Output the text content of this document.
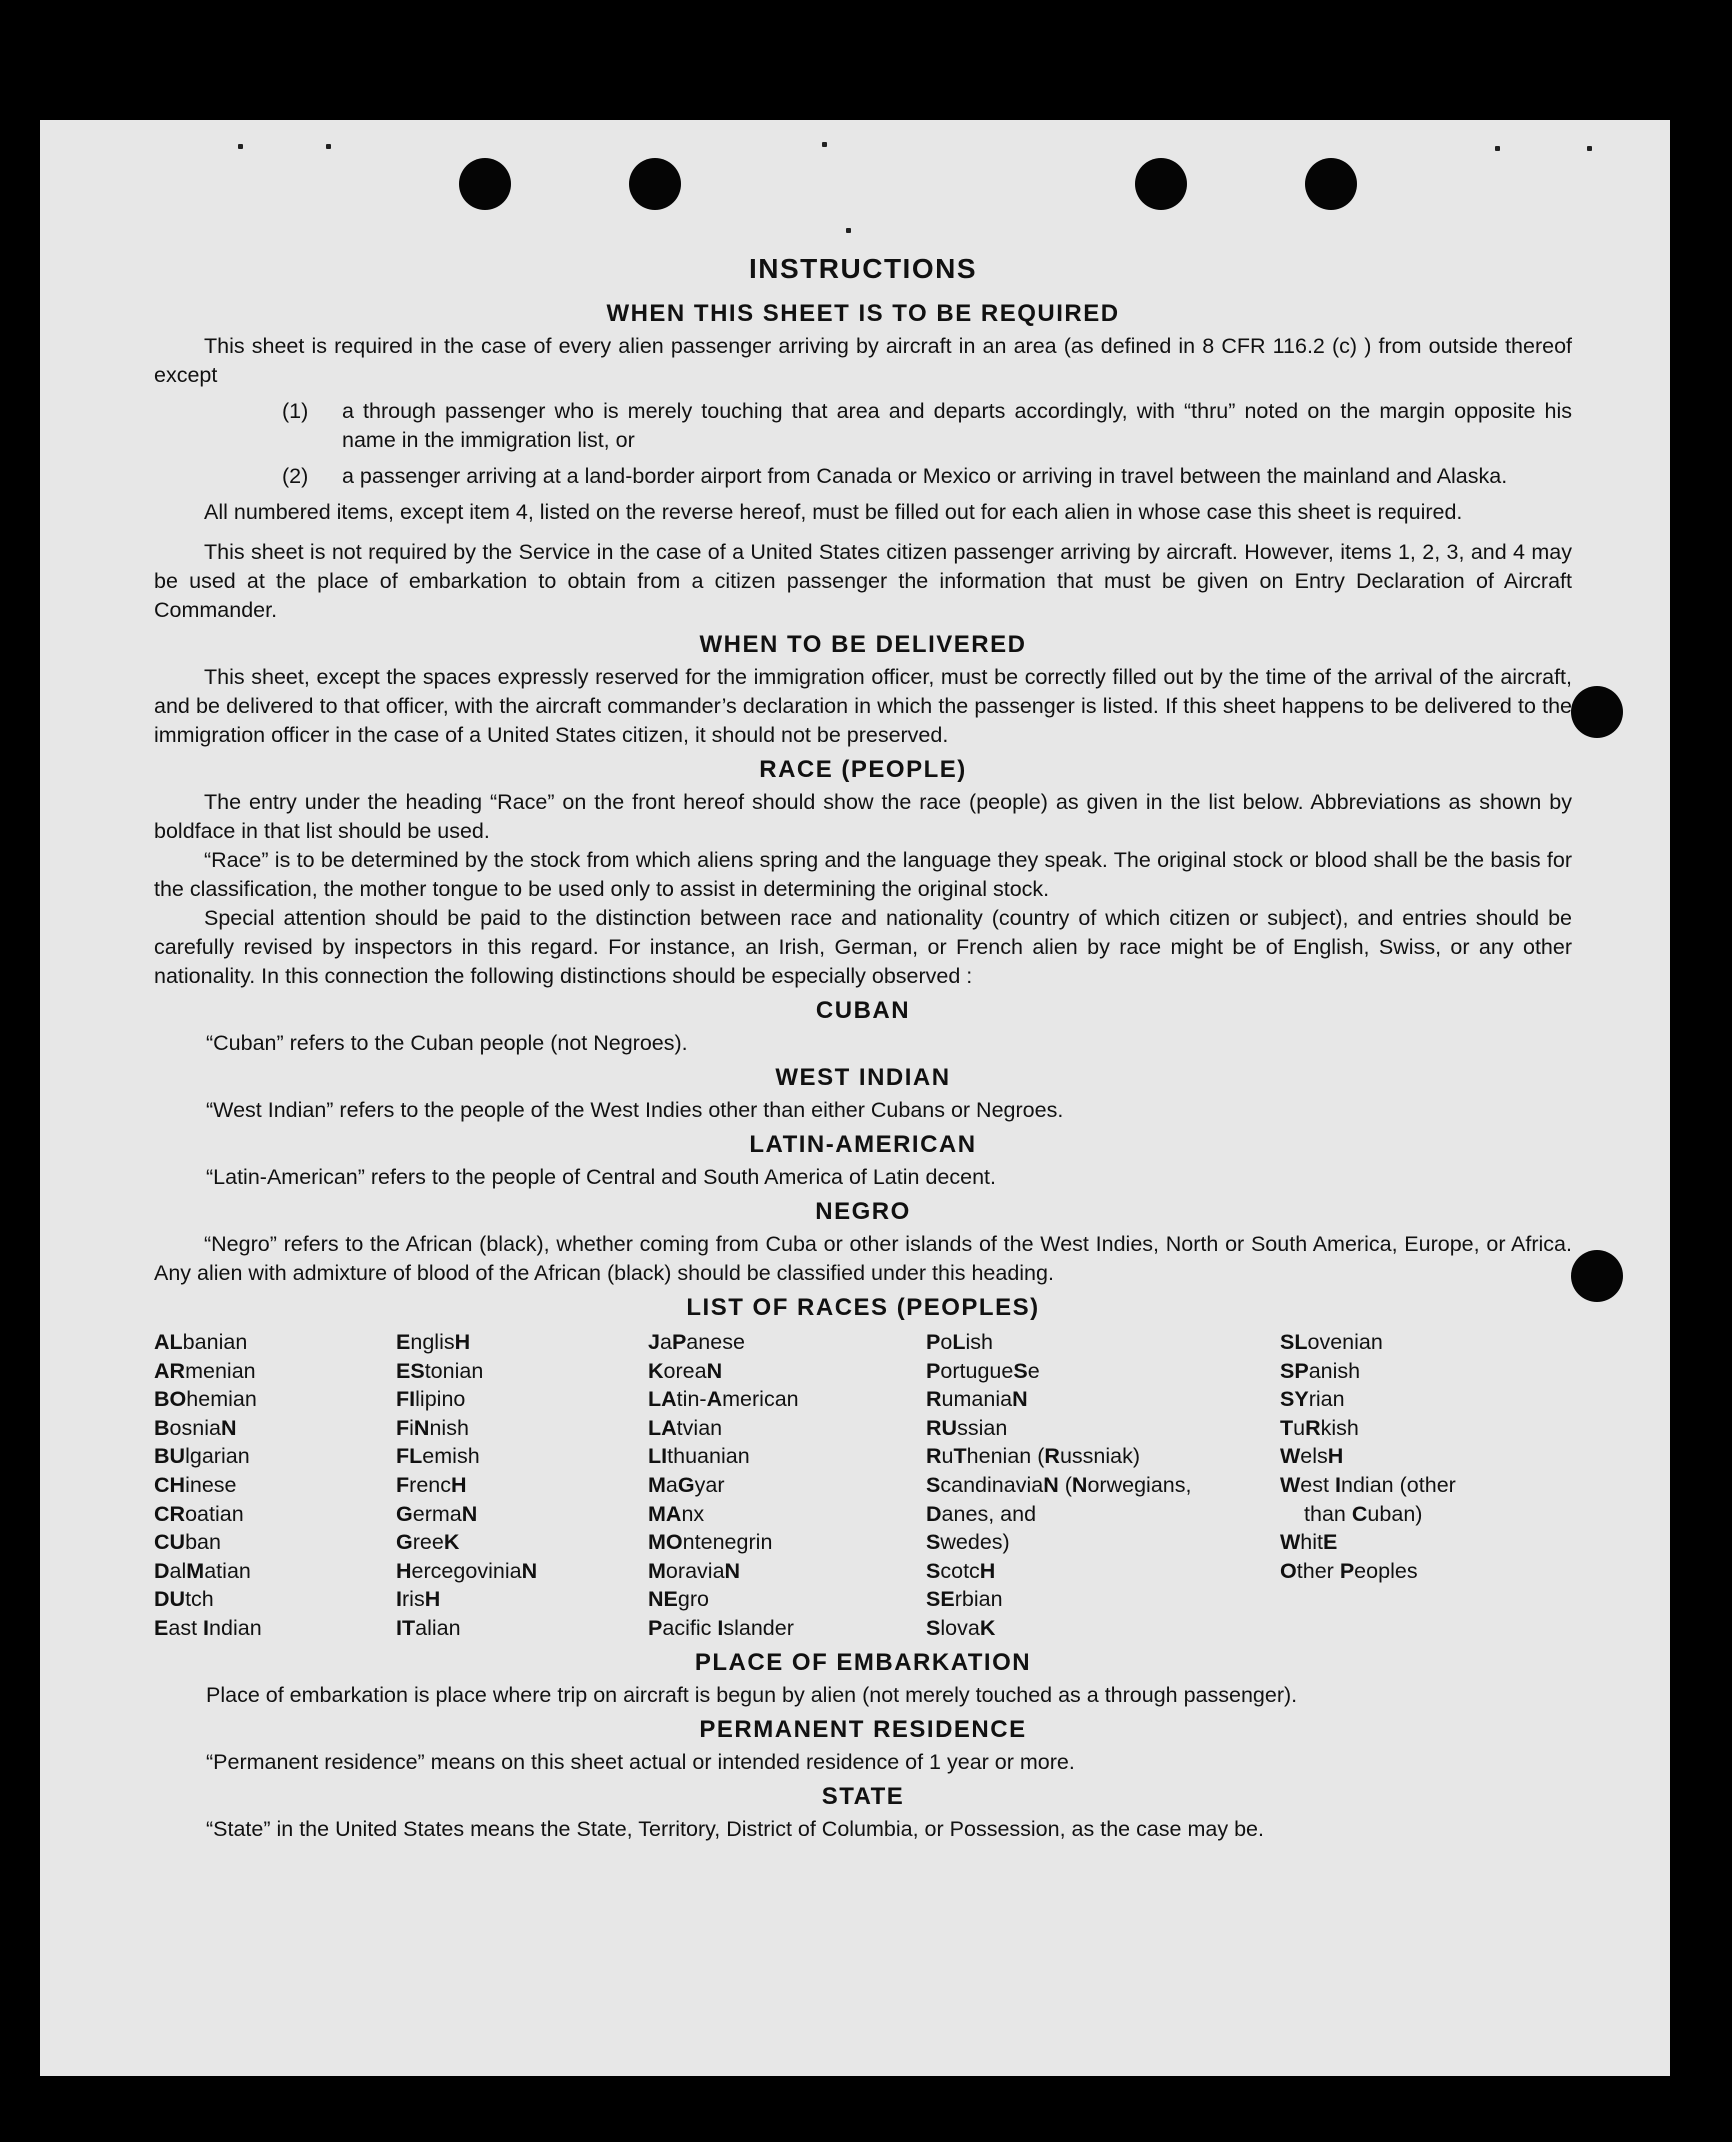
INSTRUCTIONS
WHEN THIS SHEET IS TO BE REQUIRED

This sheet is required in the case of every alien passenger arriving by aircraft in an area (as defined in 8 CFR 116.2 (c) ) from outside thereof except

(1)	a through passenger who is merely touching that area and departs accordingly, with “thru” noted on the margin opposite his name in the immigration list, or
(2)	a passenger arriving at a land-border airport from Canada or Mexico or arriving in travel between the mainland and Alaska.

All numbered items, except item 4, listed on the reverse hereof, must be filled out for each alien in whose case this sheet is required.

This sheet is not required by the Service in the case of a United States citizen passenger arriving by aircraft. However, items 1, 2, 3, and 4 may be used at the place of embarkation to obtain from a citizen passenger the information that must be given on Entry Declaration of Aircraft Commander.

WHEN TO BE DELIVERED

This sheet, except the spaces expressly reserved for the immigration officer, must be correctly filled out by the time of the arrival of the aircraft, and be delivered to that officer, with the aircraft commander’s declaration in which the passenger is listed. If this sheet happens to be delivered to the immigration officer in the case of a United States citizen, it should not be preserved.

RACE (PEOPLE)

The entry under the heading “Race” on the front hereof should show the race (people) as given in the list below. Abbreviations as shown by boldface in that list should be used.

“Race” is to be determined by the stock from which aliens spring and the language they speak. The original stock or blood shall be the basis for the classification, the mother tongue to be used only to assist in determining the original stock.

Special attention should be paid to the distinction between race and nationality (country of which citizen or subject), and entries should be carefully revised by inspectors in this regard. For instance, an Irish, German, or French alien by race might be of English, Swiss, or any other nationality. In this connection the following distinctions should be especially observed :

CUBAN
“Cuban” refers to the Cuban people (not Negroes).
WEST INDIAN
“West Indian” refers to the people of the West Indies other than either Cubans or Negroes.
LATIN-AMERICAN
“Latin-American” refers to the people of Central and South America of Latin decent.
NEGRO

“Negro” refers to the African (black), whether coming from Cuba or other islands of the West Indies, North or South America, Europe, or Africa. Any alien with admixture of blood of the African (black) should be classified under this heading.

LIST OF RACES (PEOPLES)
ALbanian
ARmenian
BOhemian
BosniaN
BUlgarian
CHinese
CRoatian
CUban
DalMatian
DUtch
East Indian
EnglisH
EStonian
FIlipino
FiNnish
FLemish
FrencH
GermaN
GreeK
HercegoviniaN
IrisH
ITalian
JaPanese
KoreaN
LAtin-American
LAtvian
LIthuanian
MaGyar
MAnx
MOntenegrin
MoraviaN
NEgro
Pacific Islander
PoLish
PortugueSe
RumaniaN
RUssian
RuThenian (Russniak)
ScandinaviaN (Norwegians,
Danes, and
Swedes)
ScotcH
SErbian
SlovaK
SLovenian
SPanish
SYrian
TuRkish
WelsH
West Indian (other
than Cuban)
WhitE
Other Peoples
PLACE OF EMBARKATION
Place of embarkation is place where trip on aircraft is begun by alien (not merely touched as a through passenger).
PERMANENT RESIDENCE
“Permanent residence” means on this sheet actual or intended residence of 1 year or more.
STATE
“State” in the United States means the State, Territory, District of Columbia, or Possession, as the case may be.
